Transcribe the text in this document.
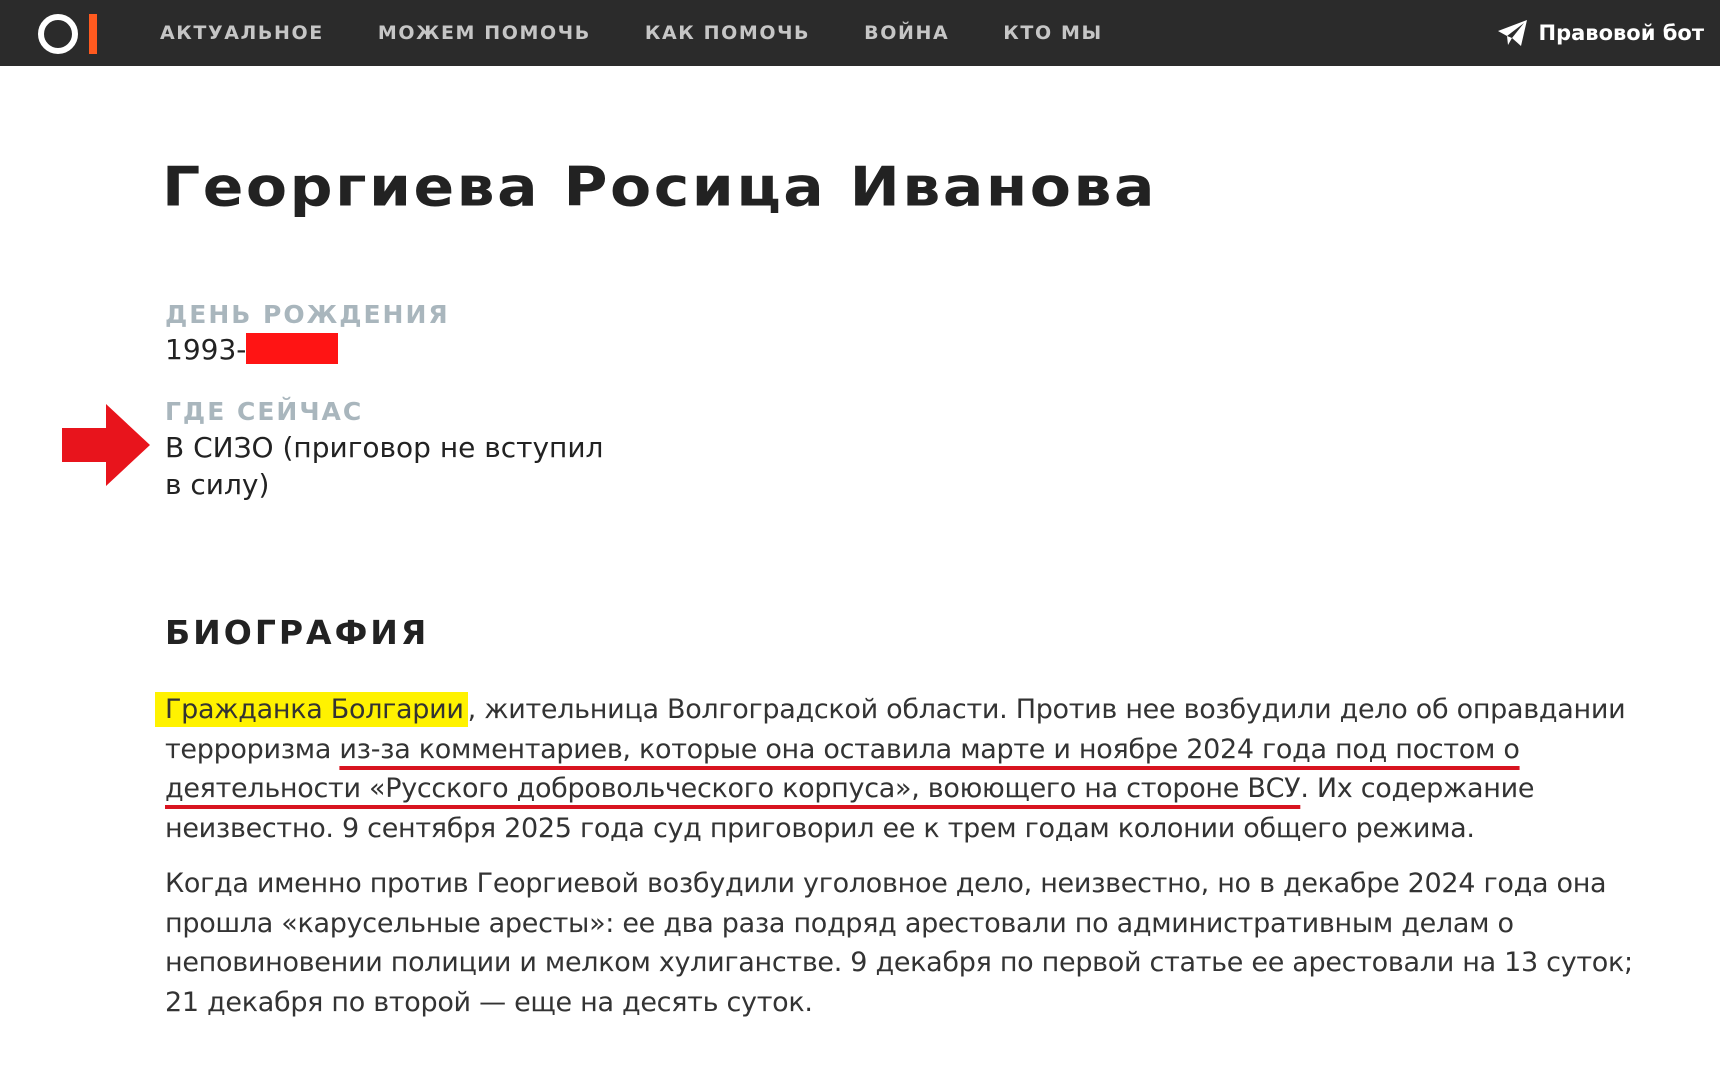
АКТУАЛЬНОЕ	МОЖЕМ ПОМОЧЬ	КАК ПОМОЧЬ	ВОЙНА	КТО МЫ	Правовой бот
Георгиева Росица Иванова
ДЕНЬ РОЖДЕНИЯ
1993-
ГДЕ СЕЙЧАС
В СИЗО (приговор не вступил в силу)
БИОГРАФИЯ

Гражданка Болгарии , жительница Волгоградской области. Против нее возбудили дело об оправдании терроризма из-за комментариев, которые она оставила марте и ноябре 2024 года под постом о деятельности «Русского добровольческого корпуса», воюющего на стороне ВСУ. Их содержание неизвестно. 9 сентября 2025 года суд приговорил ее к трем годам колонии общего режима.

Когда именно против Георгиевой возбудили уголовное дело, неизвестно, но в декабре 2024 года она прошла «карусельные аресты»: ее два раза подряд арестовали по административным делам о неповиновении полиции и мелком хулиганстве. 9 декабря по первой статье ее арестовали на 13 суток; 21 декабря по второй — еще на десять суток.
